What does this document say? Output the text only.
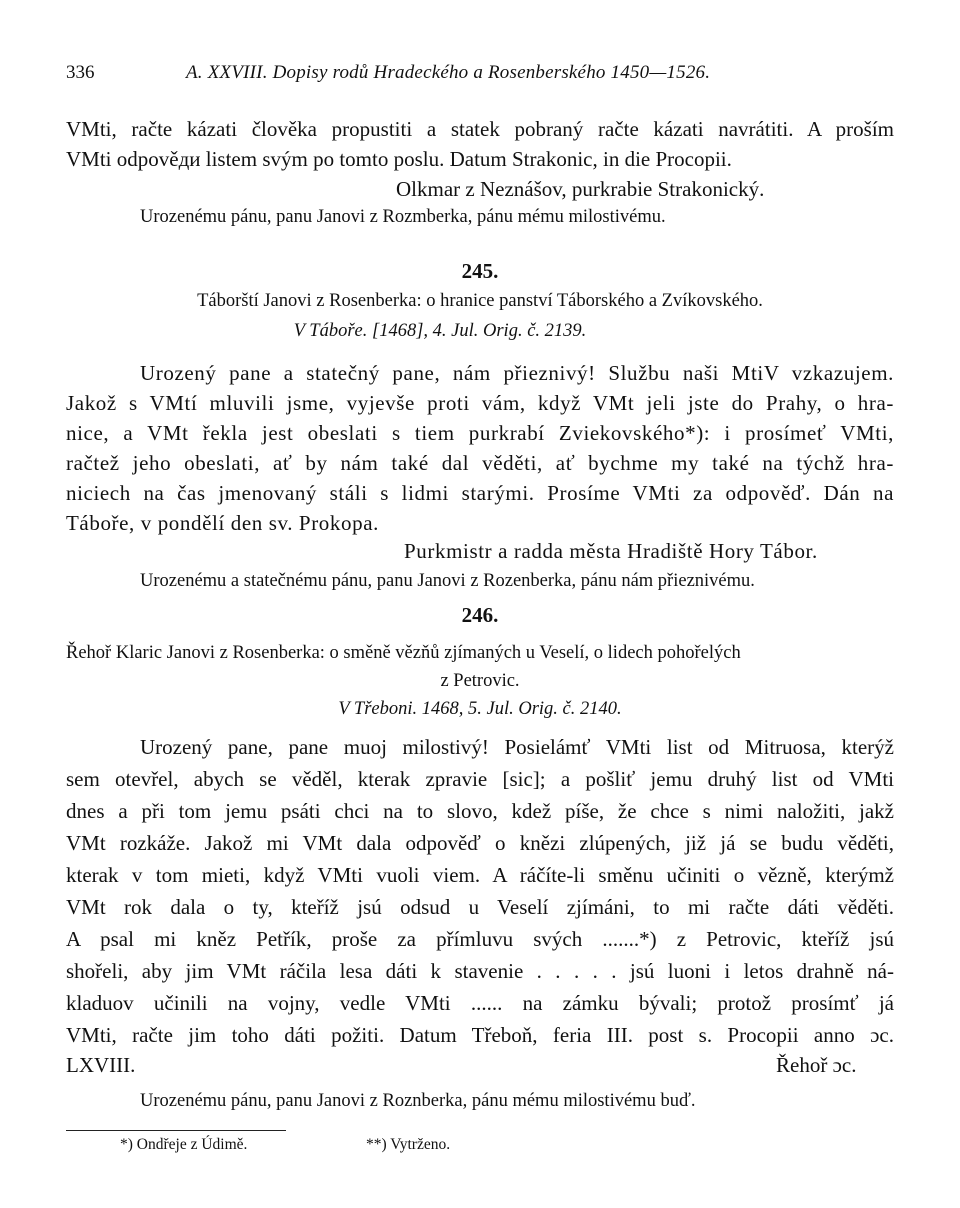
336	A. XXVIII. Dopisy rodů Hradeckého a Rosenberského 1450—1526.
VMti, račte kázati člověka propustiti a statek pobraný račte kázati navrátiti. A proším
VMti odpověди listem svým po tomto poslu. Datum Strakonic, in die Procopii.
Olkmar z Neznášov, purkrabie Strakonický.
Urozenému pánu, panu Janovi z Rozmberka, pánu mému milostivému.
245.
Táborští Janovi z Rosenberka: o hranice panství Táborského a Zvíkovského.
V Táboře. [1468], 4. Jul. Orig. č. 2139.
Urozený pane a statečný pane, nám přieznivý! Službu naši MtiV vzkazujem.
Jakož s VMtí mluvili jsme, vyjevše proti vám, když VMt jeli jste do Prahy, o hra-
nice, a VMt řekla jest obeslati s tiem purkrabí Zviekovského*): i prosímeť VMti,
račtež jeho obeslati, ať by nám také dal věděti, ať bychme my také na týchž hra-
niciech na čas jmenovaný stáli s lidmi starými. Prosíme VMti za odpověď. Dán na
Táboře, v pondělí den sv. Prokopa.
Purkmistr a radda města Hradiště Hory Tábor.
Urozenému a statečnému pánu, panu Janovi z Rozenberka, pánu nám přieznivému.
246.
Řehoř Klaric Janovi z Rosenberka: o směně vězňů zjímaných u Veselí, o lidech pohořelých
z Petrovic.
V Třeboni. 1468, 5. Jul. Orig. č. 2140.
Urozený pane, pane muoj milostivý! Posielámť VMti list od Mitruosa, kterýž
sem otevřel, abych se věděl, kterak zpravie [sic]; a pošliť jemu druhý list od VMti
dnes a při tom jemu psáti chci na to slovo, kdež píše, že chce s nimi naložiti, jakž
VMt rozkáže. Jakož mi VMt dala odpověď o knězi zlúpených, již já se budu věděti,
kterak v tom mieti, když VMti vuoli viem. A ráčíte-li směnu učiniti o vězně, kterýmž
VMt rok dala o ty, kteříž jsú odsud u Veselí zjímáni, to mi račte dáti věděti.
A psal mi kněz Petřík, proše za přímluvu svých .......*) z Petrovic, kteříž jsú
shořeli, aby jim VMt ráčila lesa dáti k stavenie . . . . . jsú luoni i letos drahně ná-
kladuov učinili na vojny, vedle VMti ...... na zámku bývali; protož prosímť já
VMti, račte jim toho dáti požiti. Datum Třeboň, feria III. post s. Procopii anno ɔc.
LXVIII.	Řehoř ɔc.
Urozenému pánu, panu Janovi z Roznberka, pánu mému milostivému buď.
*) Ondřeje z Údimě.	**) Vytrženo.
